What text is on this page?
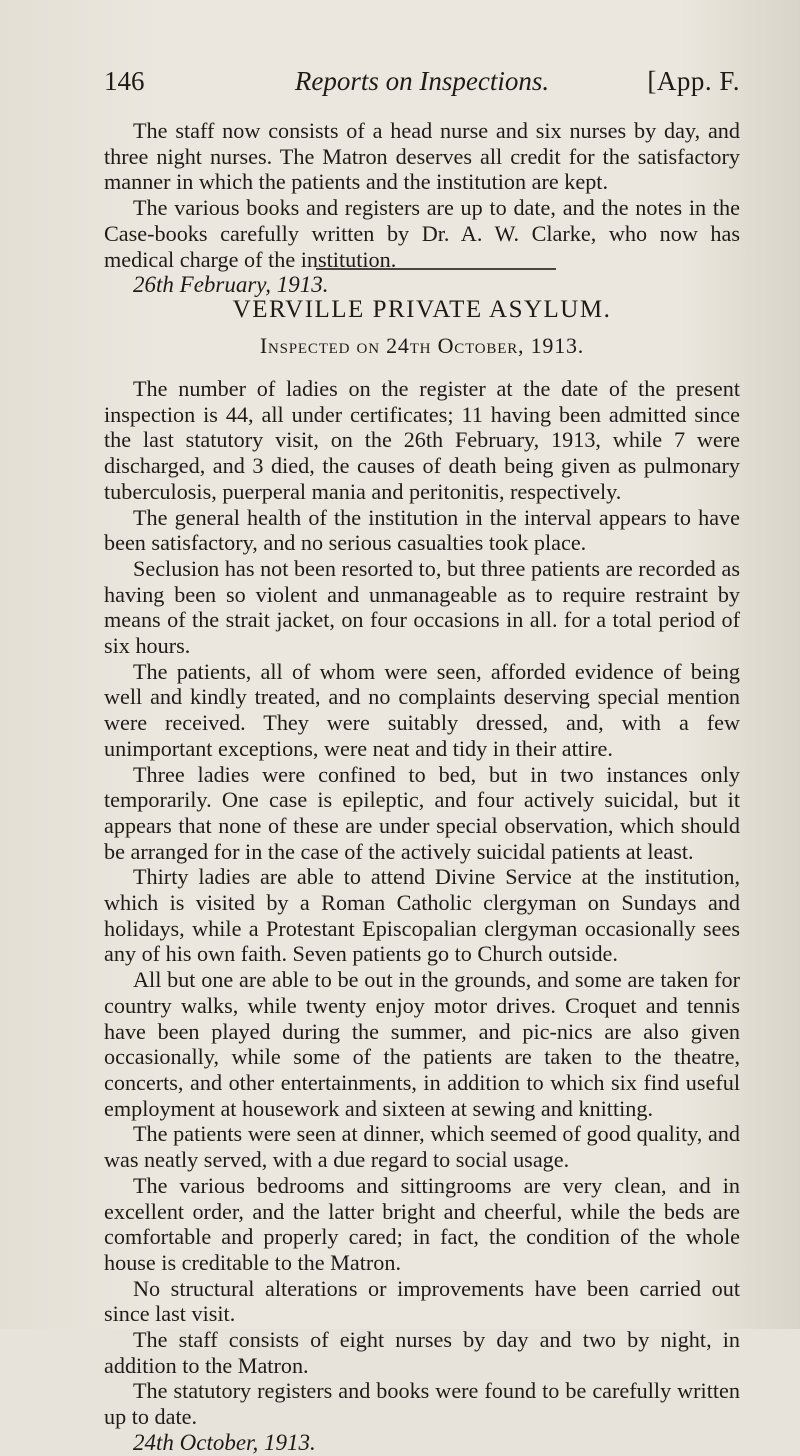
146	Reports on Inspections.	[App. F.

The staff now consists of a head nurse and six nurses by day, and three night nurses. The Matron deserves all credit for the satisfactory manner in which the patients and the institution are kept.

The various books and registers are up to date, and the notes in the Case-books carefully written by Dr. A. W. Clarke, who now has medical charge of the institution.

26th February, 1913.

VERVILLE PRIVATE ASYLUM.
Inspected on 24th October, 1913.

The number of ladies on the register at the date of the present inspection is 44, all under certificates; 11 having been admitted since the last statutory visit, on the 26th February, 1913, while 7 were discharged, and 3 died, the causes of death being given as pulmonary tuberculosis, puerperal mania and peritonitis, respectively.

The general health of the institution in the interval appears to have been satisfactory, and no serious casualties took place.

Seclusion has not been resorted to, but three patients are recorded as having been so violent and unmanageable as to require restraint by means of the strait jacket, on four occasions in all. for a total period of six hours.

The patients, all of whom were seen, afforded evidence of being well and kindly treated, and no complaints deserving special mention were received. They were suitably dressed, and, with a few unimportant exceptions, were neat and tidy in their attire.

Three ladies were confined to bed, but in two instances only temporarily. One case is epileptic, and four actively suicidal, but it appears that none of these are under special observation, which should be arranged for in the case of the actively suicidal patients at least.

Thirty ladies are able to attend Divine Service at the institution, which is visited by a Roman Catholic clergyman on Sundays and holidays, while a Protestant Episcopalian clergyman occasionally sees any of his own faith. Seven patients go to Church outside.

All but one are able to be out in the grounds, and some are taken for country walks, while twenty enjoy motor drives. Croquet and tennis have been played during the summer, and pic-nics are also given occasionally, while some of the patients are taken to the theatre, concerts, and other entertainments, in addition to which six find useful employment at housework and sixteen at sewing and knitting.

The patients were seen at dinner, which seemed of good quality, and was neatly served, with a due regard to social usage.

The various bedrooms and sittingrooms are very clean, and in excellent order, and the latter bright and cheerful, while the beds are comfortable and properly cared; in fact, the condition of the whole house is creditable to the Matron.

No structural alterations or improvements have been carried out since last visit.

The staff consists of eight nurses by day and two by night, in addition to the Matron.

The statutory registers and books were found to be carefully written up to date.

24th October, 1913.
